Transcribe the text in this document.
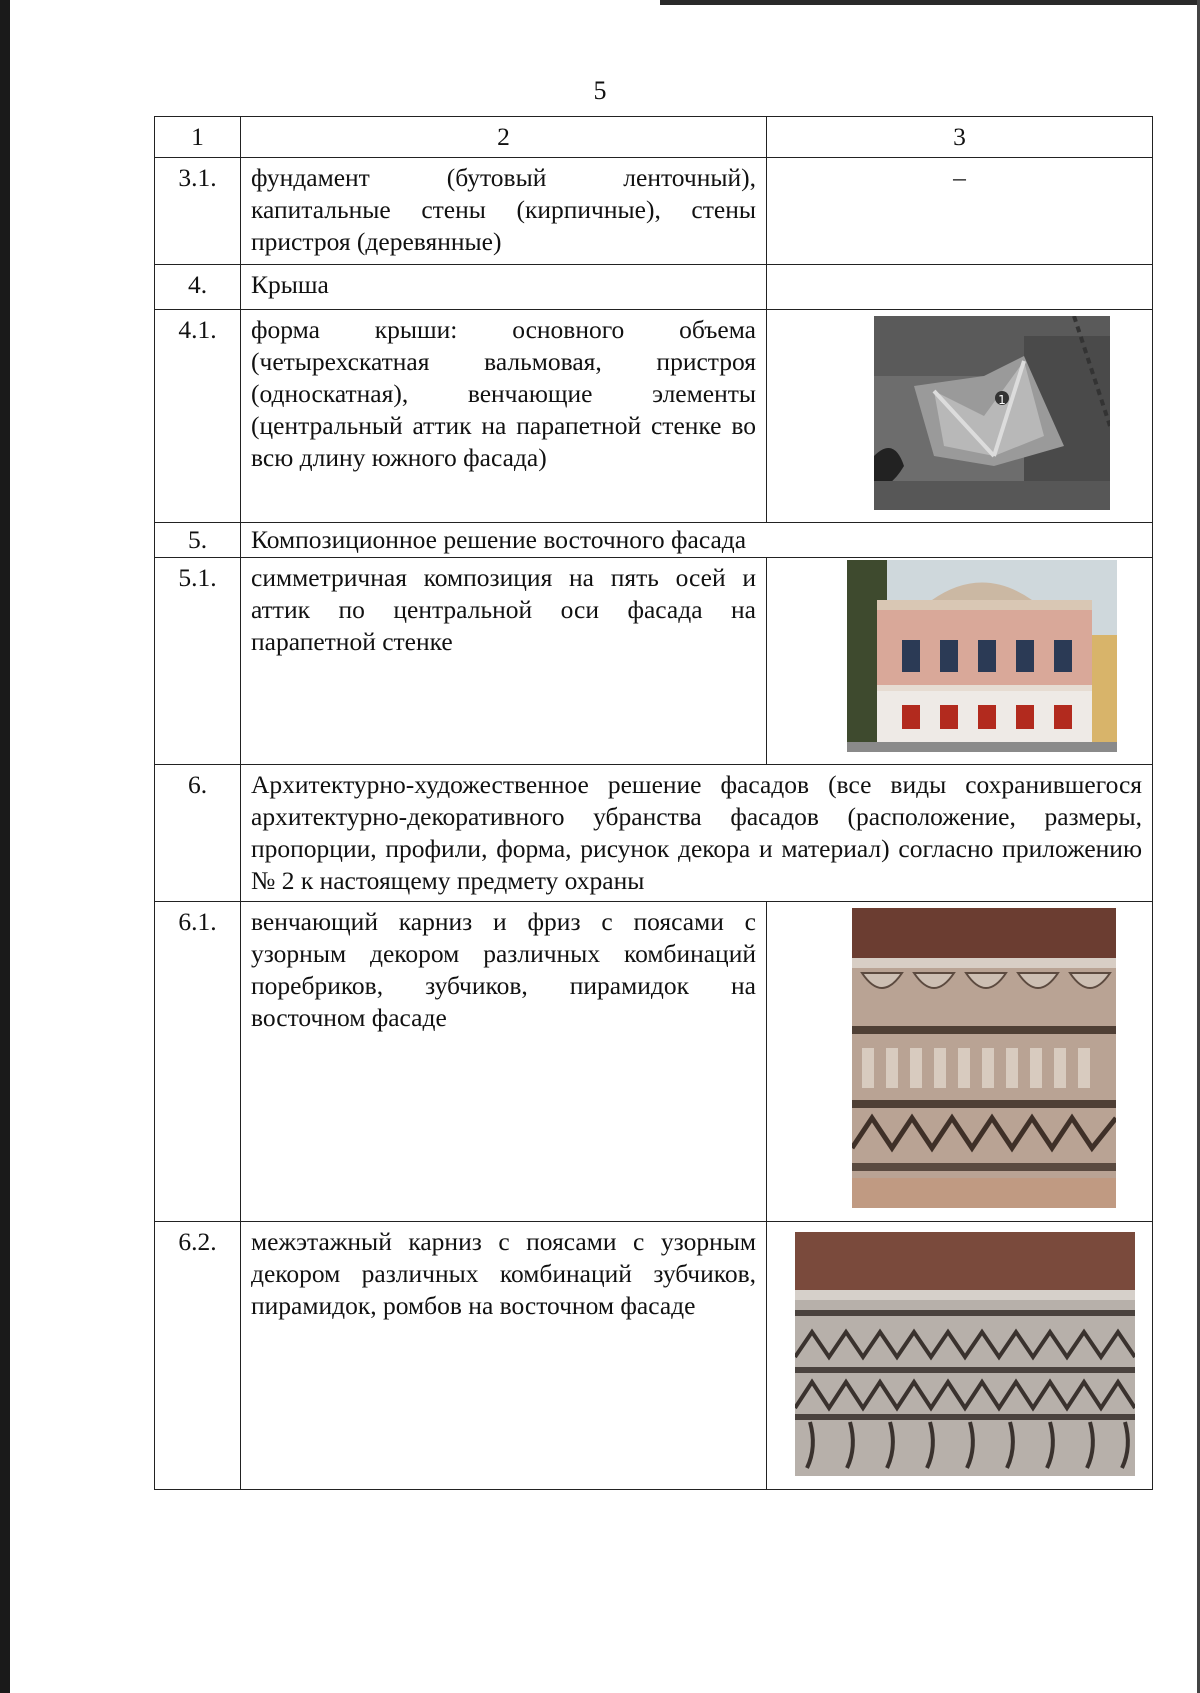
5
1	2	3
3.1.	фундамент (бутовый ленточный), капитальные стены (кирпичные), стены пристроя (деревянные)	–

4.	Крыша	
4.1.	форма крыши: основного объема (четырехскатная вальмовая, пристроя (односкатная), венчающие элементы (центральный аттик на парапетной стенке во всю длину южного фасада)	1

5.	Композиционное решение восточного фасада	
5.1.	симметричная композиция на пять осей и аттик по центральной оси фасада на парапетной стенке	

6.	Архитектурно-художественное решение фасадов (все виды сохранившегося архитектурно-декоративного убранства фасадов (расположение, размеры, пропорции, профили, форма, рисунок декора и материал) согласно приложению № 2 к настоящему предмету охраны	
6.1.	венчающий карниз и фриз с поясами с узорным декором различных комбинаций поребриков, зубчиков, пирамидок на восточном фасаде	

6.2.	межэтажный карниз с поясами с узорным декором различных комбинаций зубчиков, пирамидок, ромбов на восточном фасаде	
